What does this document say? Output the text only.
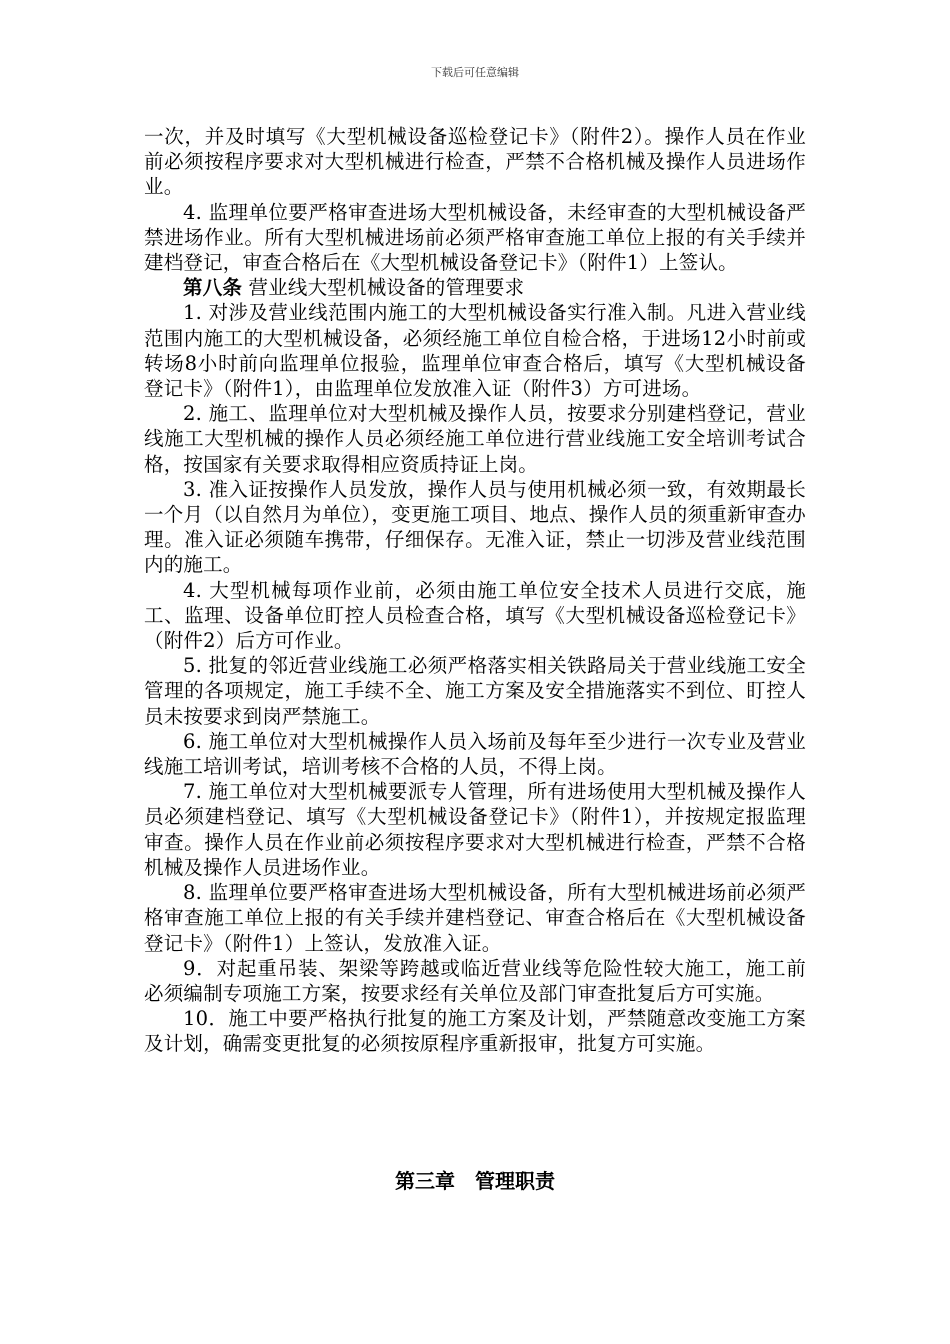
下载后可任意编辑

一次，并及时填写《大型机械设备巡检登记卡》（附件2）。操作人员在作业前必须按程序要求对大型机械进行检查，严禁不合格机械及操作人员进场作业。

4. 监理单位要严格审查进场大型机械设备，未经审查的大型机械设备严禁进场作业。所有大型机械进场前必须严格审查施工单位上报的有关手续并建档登记，审查合格后在《大型机械设备登记卡》（附件1）上签认。

第八条 营业线大型机械设备的管理要求

1. 对涉及营业线范围内施工的大型机械设备实行准入制。凡进入营业线范围内施工的大型机械设备，必须经施工单位自检合格，于进场12小时前或转场8小时前向监理单位报验，监理单位审查合格后，填写《大型机械设备登记卡》（附件1），由监理单位发放准入证（附件3）方可进场。

2. 施工、监理单位对大型机械及操作人员，按要求分别建档登记，营业线施工大型机械的操作人员必须经施工单位进行营业线施工安全培训考试合格，按国家有关要求取得相应资质持证上岗。

3. 准入证按操作人员发放，操作人员与使用机械必须一致，有效期最长一个月（以自然月为单位），变更施工项目、地点、操作人员的须重新审查办理。准入证必须随车携带，仔细保存。无准入证，禁止一切涉及营业线范围内的施工。

4. 大型机械每项作业前，必须由施工单位安全技术人员进行交底，施工、监理、设备单位盯控人员检查合格，填写《大型机械设备巡检登记卡》（附件2）后方可作业。

5. 批复的邻近营业线施工必须严格落实相关铁路局关于营业线施工安全管理的各项规定，施工手续不全、施工方案及安全措施落实不到位、盯控人员未按要求到岗严禁施工。

6. 施工单位对大型机械操作人员入场前及每年至少进行一次专业及营业线施工培训考试，培训考核不合格的人员，不得上岗。

7. 施工单位对大型机械要派专人管理，所有进场使用大型机械及操作人员必须建档登记、填写《大型机械设备登记卡》（附件1），并按规定报监理审查。操作人员在作业前必须按程序要求对大型机械进行检查，严禁不合格机械及操作人员进场作业。

8. 监理单位要严格审查进场大型机械设备，所有大型机械进场前必须严格审查施工单位上报的有关手续并建档登记、审查合格后在《大型机械设备登记卡》（附件1）上签认，发放准入证。

9．对起重吊装、架梁等跨越或临近营业线等危险性较大施工，施工前必须编制专项施工方案，按要求经有关单位及部门审查批复后方可实施。

10．施工中要严格执行批复的施工方案及计划，严禁随意改变施工方案及计划，确需变更批复的必须按原程序重新报审，批复方可实施。

第三章　管理职责
